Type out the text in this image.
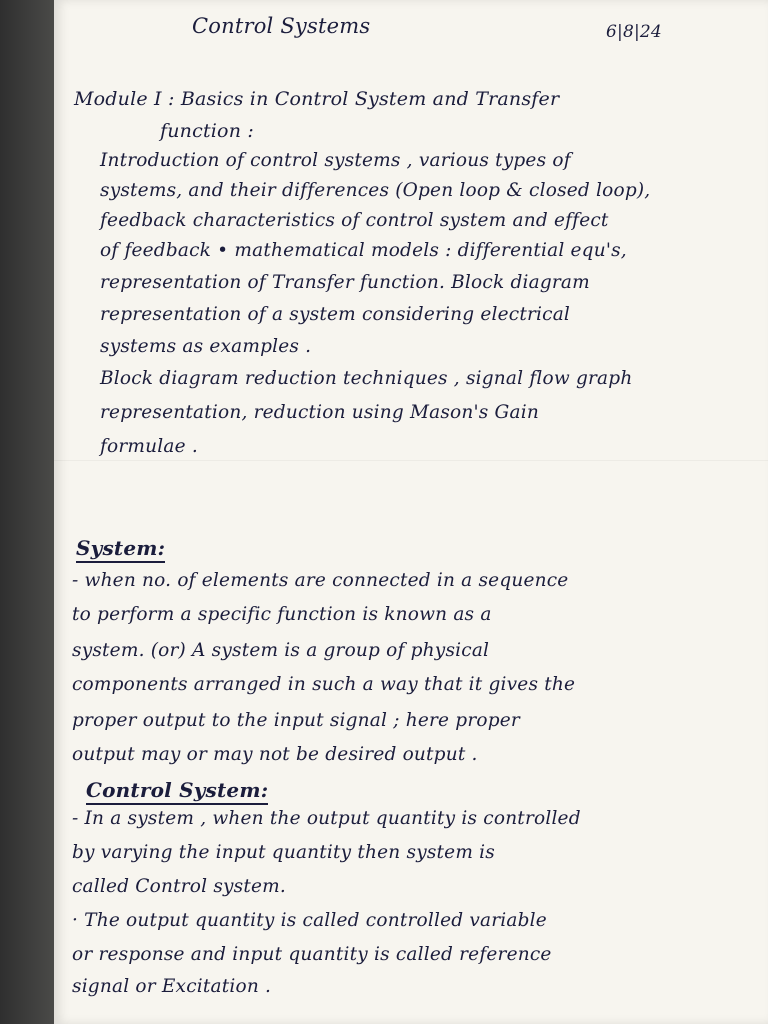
Control Systems	6|8|24
Module I : Basics in Control System and Transfer
function :
Introduction of control systems , various types of
systems, and their differences (Open loop & closed loop),
feedback characteristics of control system and effect
of feedback • mathematical models : differential equ's,
representation of Transfer function. Block diagram
representation of a system considering electrical
systems as examples .
Block diagram reduction techniques , signal flow graph
representation, reduction using Mason's Gain
formulae .
System:
- when no. of elements are connected in a sequence
to perform a specific function is known as a
system. (or) A system is a group of physical
components arranged in such a way that it gives the
proper output to the input signal ; here proper
output may or may not be desired output .
Control System:
- In a system , when the output quantity is controlled
by varying the input quantity then system is
called Control system.
· The output quantity is called controlled variable
or response and input quantity is called reference
signal or Excitation .
